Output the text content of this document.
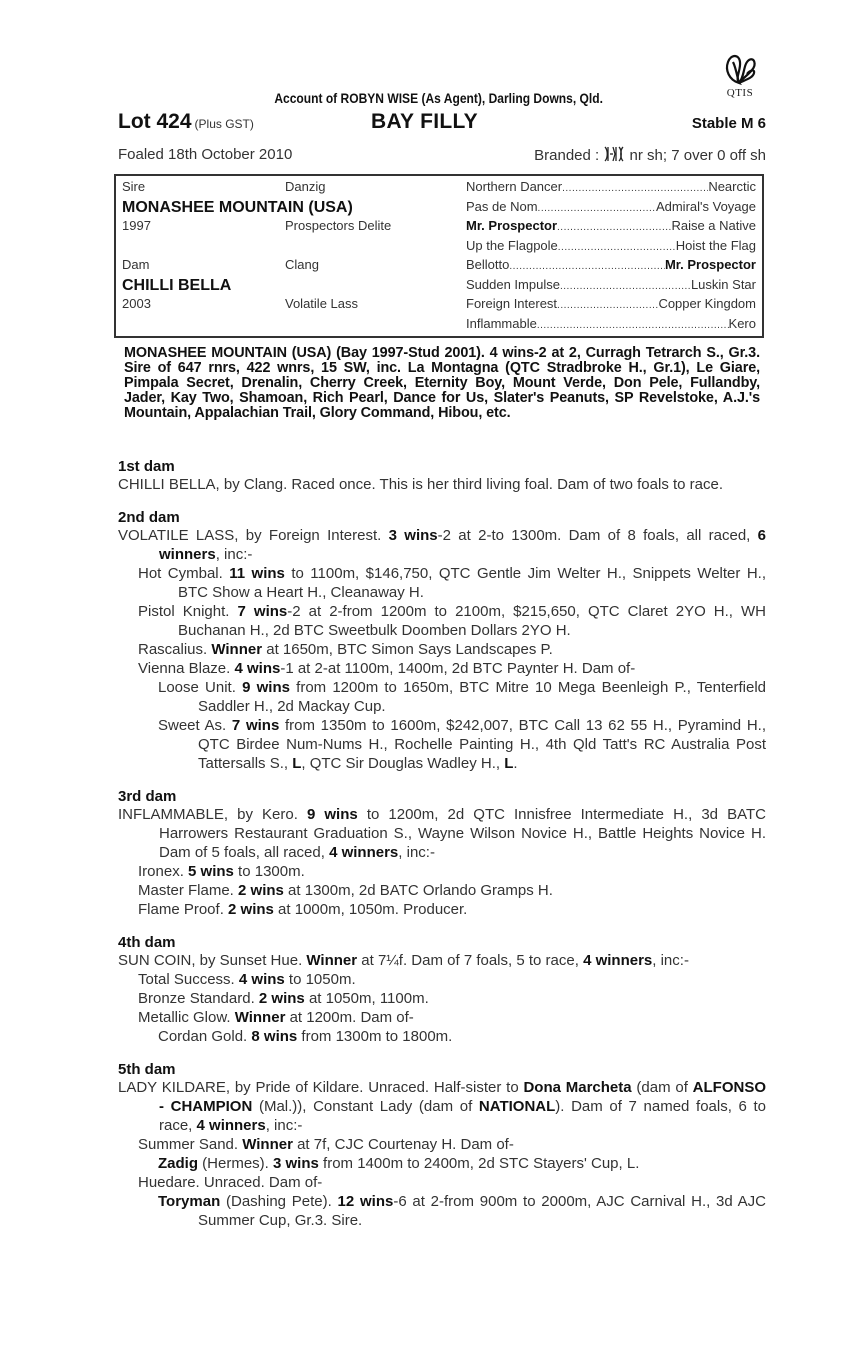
QTIS
Account of ROBYN WISE (As Agent), Darling Downs, Qld.
Lot 424 (Plus GST)	BAY FILLY	Stable M 6
Foaled 18th October 2010	Branded : nr sh; 7 over 0 off sh
Sire	Danzig
MONASHEE MOUNTAIN (USA)
1997	Prospectors Delite
Dam	Clang
CHILLI BELLA
2003	Volatile Lass
Northern Dancer .....	Nearctic
Pas de Nom .....	Admiral's Voyage
Mr. Prospector .....	Raise a Native
Up the Flagpole .....	Hoist the Flag
Bellotto .....	Mr. Prospector
Sudden Impulse .....	Luskin Star
Foreign Interest .....	Copper Kingdom
Inflammable .....	Kero
MONASHEE MOUNTAIN (USA) (Bay 1997-Stud 2001). 4 wins-2 at 2, Curragh Tetrarch S., Gr.3. Sire of 647 rnrs, 422 wnrs, 15 SW, inc. La Montagna (QTC Stradbroke H., Gr.1), Le Giare, Pimpala Secret, Drenalin, Cherry Creek, Eternity Boy, Mount Verde, Don Pele, Fullandby, Jader, Kay Two, Shamoan, Rich Pearl, Dance for Us, Slater's Peanuts, SP Revelstoke, A.J.'s Mountain, Appalachian Trail, Glory Command, Hibou, etc.
1st dam
CHILLI BELLA, by Clang. Raced once. This is her third living foal. Dam of two foals to race.
2nd dam
VOLATILE LASS, by Foreign Interest. 3 wins-2 at 2-to 1300m. Dam of 8 foals, all raced, 6 winners, inc:-
Hot Cymbal. 11 wins to 1100m, $146,750, QTC Gentle Jim Welter H., Snippets Welter H., BTC Show a Heart H., Cleanaway H.
Pistol Knight. 7 wins-2 at 2-from 1200m to 2100m, $215,650, QTC Claret 2YO H., WH Buchanan H., 2d BTC Sweetbulk Doomben Dollars 2YO H.
Rascalius. Winner at 1650m, BTC Simon Says Landscapes P.
Vienna Blaze. 4 wins-1 at 2-at 1100m, 1400m, 2d BTC Paynter H. Dam of-
Loose Unit. 9 wins from 1200m to 1650m, BTC Mitre 10 Mega Beenleigh P., Tenterfield Saddler H., 2d Mackay Cup.
Sweet As. 7 wins from 1350m to 1600m, $242,007, BTC Call 13 62 55 H., Pyramind H., QTC Birdee Num-Nums H., Rochelle Painting H., 4th Qld Tatt's RC Australia Post Tattersalls S., L, QTC Sir Douglas Wadley H., L.
3rd dam
INFLAMMABLE, by Kero. 9 wins to 1200m, 2d QTC Innisfree Intermediate H., 3d BATC Harrowers Restaurant Graduation S., Wayne Wilson Novice H., Battle Heights Novice H. Dam of 5 foals, all raced, 4 winners, inc:-
Ironex. 5 wins to 1300m.
Master Flame. 2 wins at 1300m, 2d BATC Orlando Gramps H.
Flame Proof. 2 wins at 1000m, 1050m. Producer.
4th dam
SUN COIN, by Sunset Hue. Winner at 7¼f. Dam of 7 foals, 5 to race, 4 winners, inc:-
Total Success. 4 wins to 1050m.
Bronze Standard. 2 wins at 1050m, 1100m.
Metallic Glow. Winner at 1200m. Dam of-
Cordan Gold. 8 wins from 1300m to 1800m.
5th dam
LADY KILDARE, by Pride of Kildare. Unraced. Half-sister to Dona Marcheta (dam of ALFONSO - CHAMPION (Mal.)), Constant Lady (dam of NATIONAL). Dam of 7 named foals, 6 to race, 4 winners, inc:-
Summer Sand. Winner at 7f, CJC Courtenay H. Dam of-
Zadig (Hermes). 3 wins from 1400m to 2400m, 2d STC Stayers' Cup, L.
Huedare. Unraced. Dam of-
Toryman (Dashing Pete). 12 wins-6 at 2-from 900m to 2000m, AJC Carnival H., 3d AJC Summer Cup, Gr.3. Sire.
